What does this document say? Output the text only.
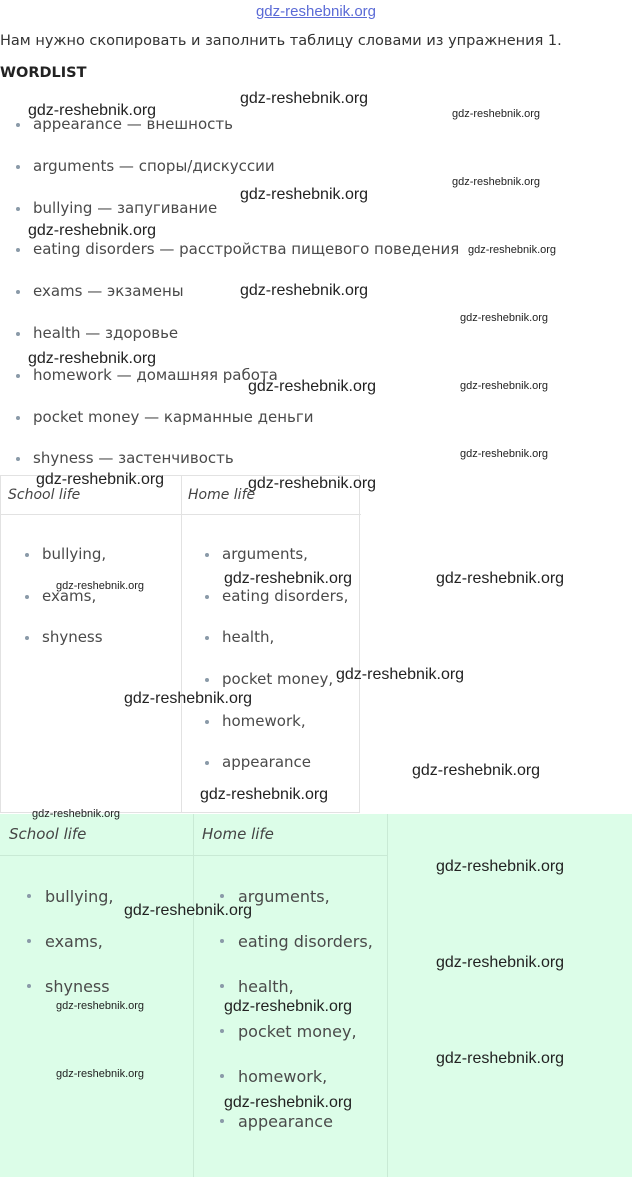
gdz-reshebnik.org
Нам нужно скопировать и заполнить таблицу словами из упражнения 1.
WORDLIST
appearance — внешность
arguments — споры/дискуссии
bullying — запугивание
eating disorders — расстройства пищевого поведения
exams — экзамены
health — здоровье
homework — домашняя работа
pocket money — карманные деньги
shyness — застенчивость
School life
bullying,
exams,
shyness
Home life
arguments,
eating disorders,
health,
pocket money,
homework,
appearance
School life
bullying,
exams,
shyness
Home life
arguments,
eating disorders,
health,
pocket money,
homework,
appearance
gdz-reshebnik.org
gdz-reshebnik.org
gdz-reshebnik.org
gdz-reshebnik.org
gdz-reshebnik.org
gdz-reshebnik.org
gdz-reshebnik.org
gdz-reshebnik.org
gdz-reshebnik.org
gdz-reshebnik.org
gdz-reshebnik.org	gdz-reshebnik.org
gdz-reshebnik.org
gdz-reshebnik.org	gdz-reshebnik.org
gdz-reshebnik.org	gdz-reshebnik.org	gdz-reshebnik.org
gdz-reshebnik.org
gdz-reshebnik.org
gdz-reshebnik.org
gdz-reshebnik.org
gdz-reshebnik.org
gdz-reshebnik.org
gdz-reshebnik.org
gdz-reshebnik.org
gdz-reshebnik.org	gdz-reshebnik.org
gdz-reshebnik.org
gdz-reshebnik.org
gdz-reshebnik.org
